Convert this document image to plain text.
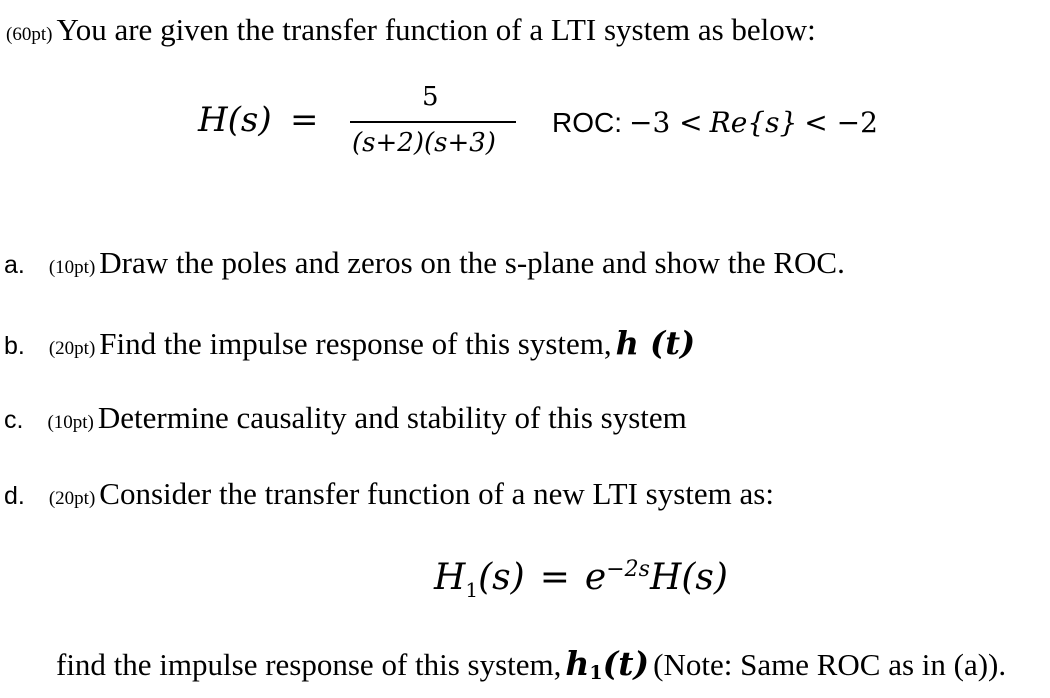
(60pt) You are given the transfer function of a LTI system as below:
H(s) =
5
(s+2)(s+3)
ROC: −3 < Re{s} < −2
a. (10pt) Draw the poles and zeros on the s-plane and show the ROC.
b. (20pt) Find the impulse response of this system, h (t)
c. (10pt) Determine causality and stability of this system
d. (20pt) Consider the transfer function of a new LTI system as:
$H_1(s) = e^{-2s}H(s)$
find the impulse response of this system, $h_1(t)$ (Note: Same ROC as in (a)).
